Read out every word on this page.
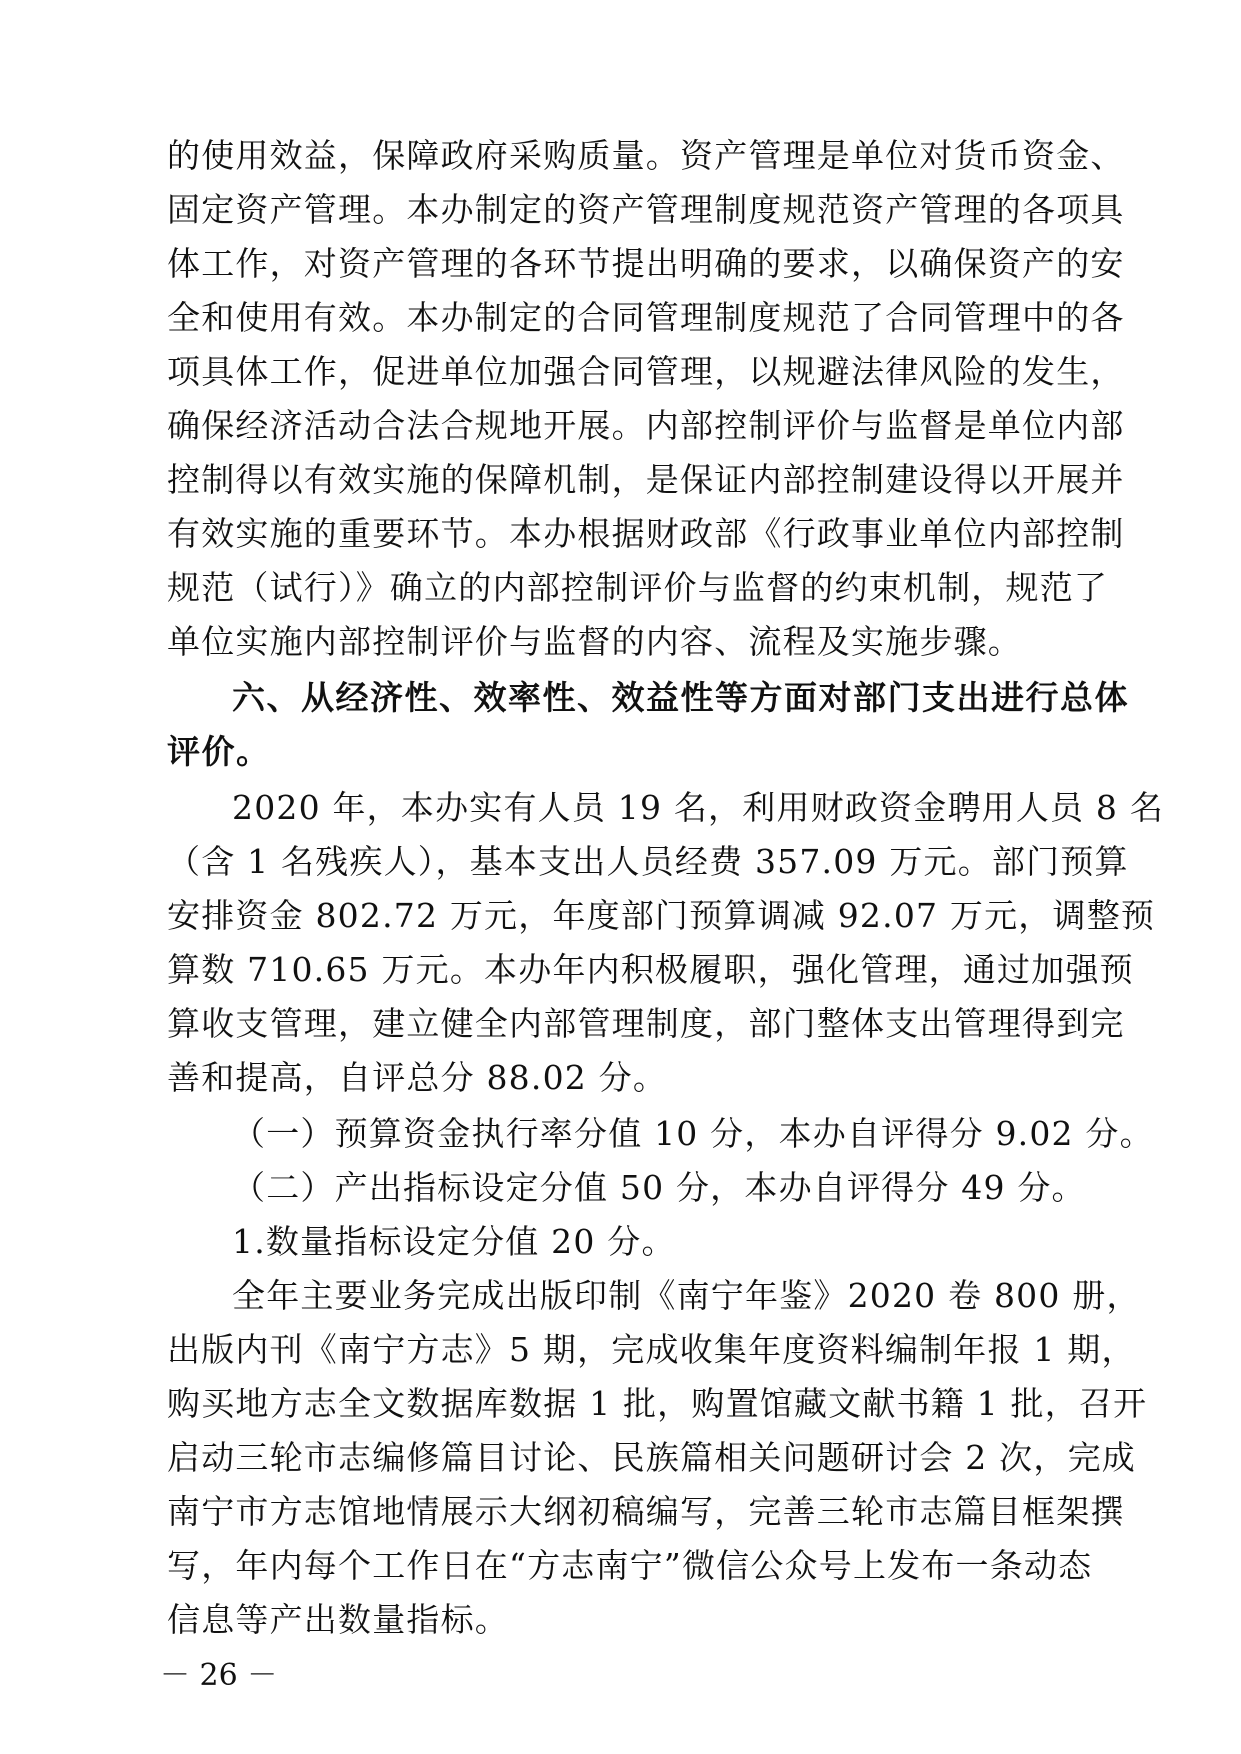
的使用效益，保障政府采购质量。资产管理是单位对货币资金、
固定资产管理。本办制定的资产管理制度规范资产管理的各项具
体工作，对资产管理的各环节提出明确的要求，以确保资产的安
全和使用有效。本办制定的合同管理制度规范了合同管理中的各
项具体工作，促进单位加强合同管理，以规避法律风险的发生，
确保经济活动合法合规地开展。内部控制评价与监督是单位内部
控制得以有效实施的保障机制，是保证内部控制建设得以开展并
有效实施的重要环节。本办根据财政部《行政事业单位内部控制
规范（试行）》确立的内部控制评价与监督的约束机制，规范了
单位实施内部控制评价与监督的内容、流程及实施步骤。
六、从经济性、效率性、效益性等方面对部门支出进行总体
评价。
2020 年，本办实有人员 19 名，利用财政资金聘用人员 8 名
（含 1 名残疾人），基本支出人员经费 357.09 万元。部门预算
安排资金 802.72 万元，年度部门预算调减 92.07 万元，调整预
算数 710.65 万元。本办年内积极履职，强化管理，通过加强预
算收支管理，建立健全内部管理制度，部门整体支出管理得到完
善和提高，自评总分 88.02 分。
（一）预算资金执行率分值 10 分，本办自评得分 9.02 分。
（二）产出指标设定分值 50 分，本办自评得分 49 分。
1.数量指标设定分值 20 分。
全年主要业务完成出版印制《南宁年鉴》2020 卷 800 册，
出版内刊《南宁方志》5 期，完成收集年度资料编制年报 1 期，
购买地方志全文数据库数据 1 批，购置馆藏文献书籍 1 批，召开
启动三轮市志编修篇目讨论、民族篇相关问题研讨会 2 次，完成
南宁市方志馆地情展示大纲初稿编写，完善三轮市志篇目框架撰
写，年内每个工作日在“方志南宁”微信公众号上发布一条动态
信息等产出数量指标。
－ 26 －
